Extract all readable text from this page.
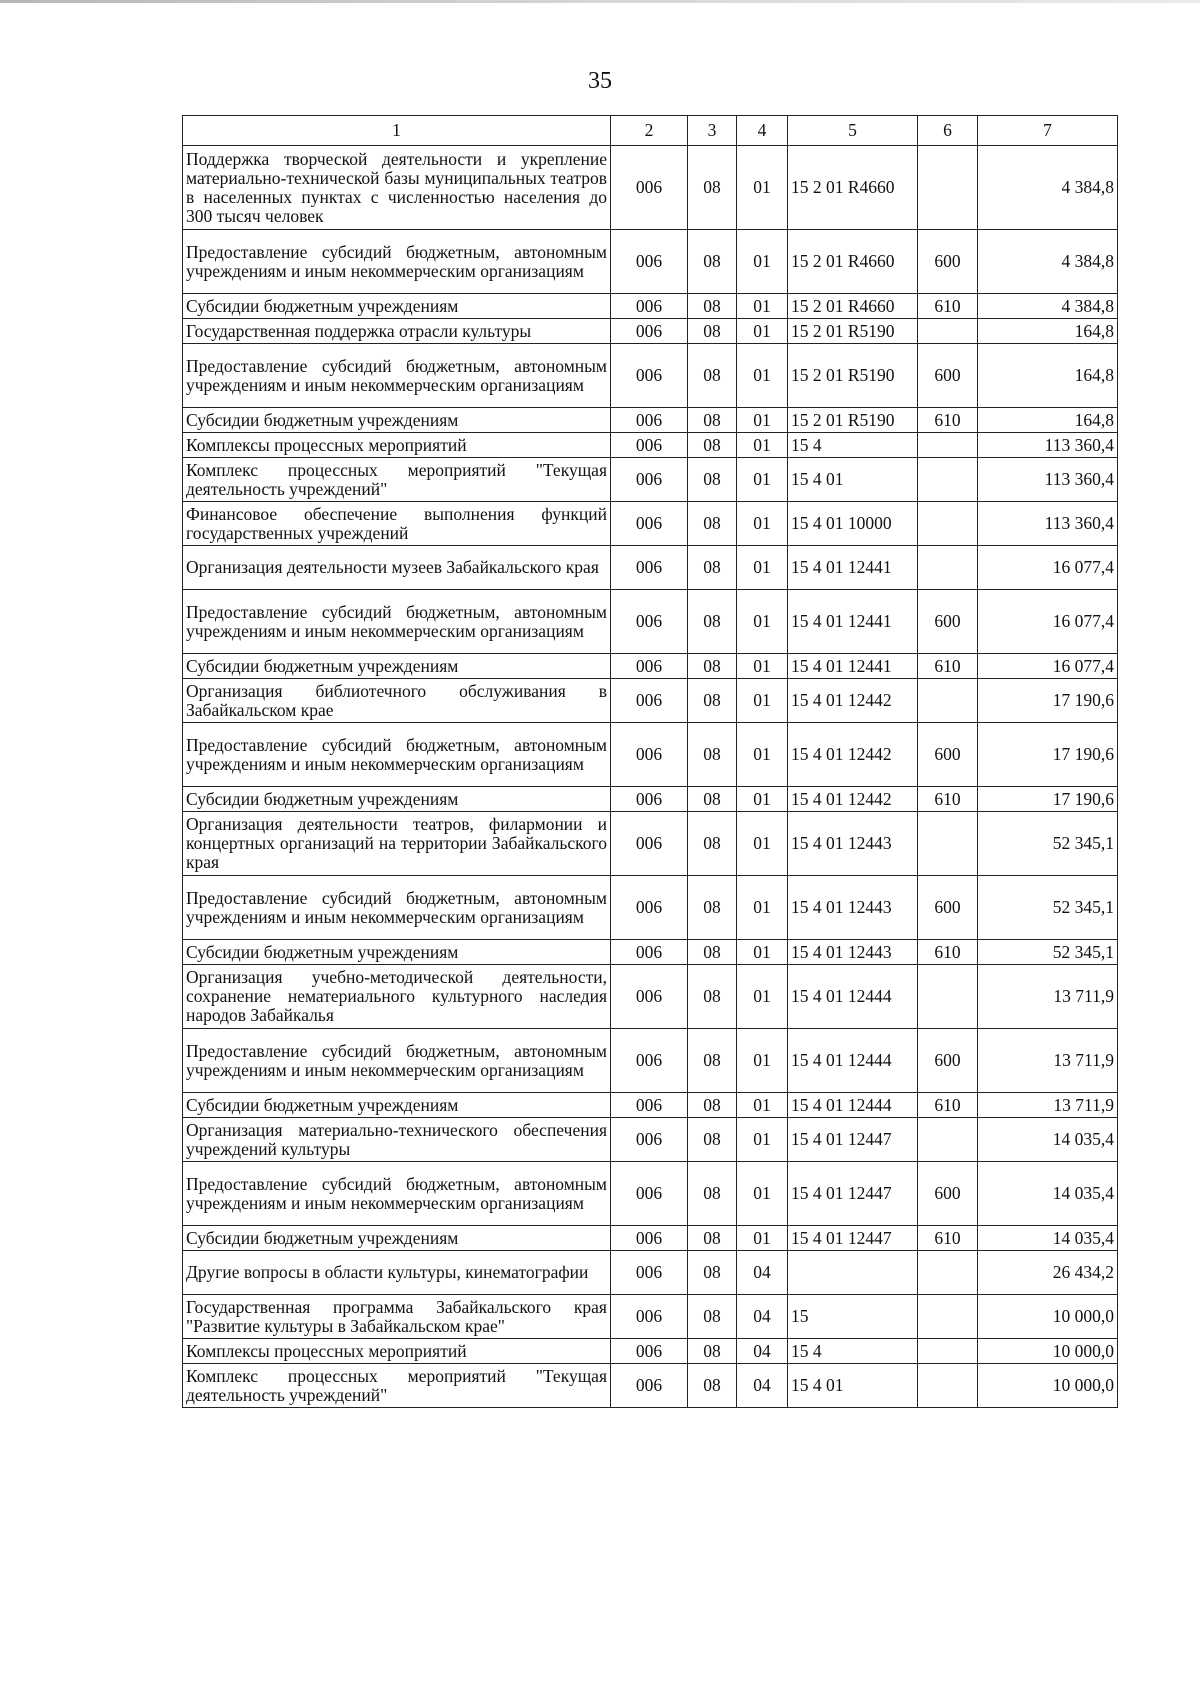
35
1	2	3	4	5	6	7
Поддержка творческой деятельности и укрепление материально-технической базы муниципальных театров в населенных пунктах с численностью населения до 300 тысяч человек	006	08	01	15 2 01 R4660		4 384,8
Предоставление субсидий бюджетным, автономным учреждениям и иным некоммерческим организациям	006	08	01	15 2 01 R4660	600	4 384,8
Субсидии бюджетным учреждениям	006	08	01	15 2 01 R4660	610	4 384,8
Государственная поддержка отрасли культуры	006	08	01	15 2 01 R5190		164,8
Предоставление субсидий бюджетным, автономным учреждениям и иным некоммерческим организациям	006	08	01	15 2 01 R5190	600	164,8
Субсидии бюджетным учреждениям	006	08	01	15 2 01 R5190	610	164,8
Комплексы процессных мероприятий	006	08	01	15 4		113 360,4
Комплекс процессных мероприятий "Текущая деятельность учреждений"	006	08	01	15 4 01		113 360,4
Финансовое обеспечение выполнения функций государственных учреждений	006	08	01	15 4 01 10000		113 360,4
Организация деятельности музеев Забайкальского края	006	08	01	15 4 01 12441		16 077,4
Предоставление субсидий бюджетным, автономным учреждениям и иным некоммерческим организациям	006	08	01	15 4 01 12441	600	16 077,4
Субсидии бюджетным учреждениям	006	08	01	15 4 01 12441	610	16 077,4
Организация библиотечного обслуживания в Забайкальском крае	006	08	01	15 4 01 12442		17 190,6
Предоставление субсидий бюджетным, автономным учреждениям и иным некоммерческим организациям	006	08	01	15 4 01 12442	600	17 190,6
Субсидии бюджетным учреждениям	006	08	01	15 4 01 12442	610	17 190,6
Организация деятельности театров, филармонии и концертных организаций на территории Забайкальского края	006	08	01	15 4 01 12443		52 345,1
Предоставление субсидий бюджетным, автономным учреждениям и иным некоммерческим организациям	006	08	01	15 4 01 12443	600	52 345,1
Субсидии бюджетным учреждениям	006	08	01	15 4 01 12443	610	52 345,1
Организация учебно-методической деятельности, сохранение нематериального культурного наследия народов Забайкалья	006	08	01	15 4 01 12444		13 711,9
Предоставление субсидий бюджетным, автономным учреждениям и иным некоммерческим организациям	006	08	01	15 4 01 12444	600	13 711,9
Субсидии бюджетным учреждениям	006	08	01	15 4 01 12444	610	13 711,9
Организация материально-технического обеспечения учреждений культуры	006	08	01	15 4 01 12447		14 035,4
Предоставление субсидий бюджетным, автономным учреждениям и иным некоммерческим организациям	006	08	01	15 4 01 12447	600	14 035,4
Субсидии бюджетным учреждениям	006	08	01	15 4 01 12447	610	14 035,4
Другие вопросы в области культуры, кинематографии	006	08	04			26 434,2
Государственная программа Забайкальского края "Развитие культуры в Забайкальском крае"	006	08	04	15		10 000,0
Комплексы процессных мероприятий	006	08	04	15 4		10 000,0
Комплекс процессных мероприятий "Текущая деятельность учреждений"	006	08	04	15 4 01		10 000,0
